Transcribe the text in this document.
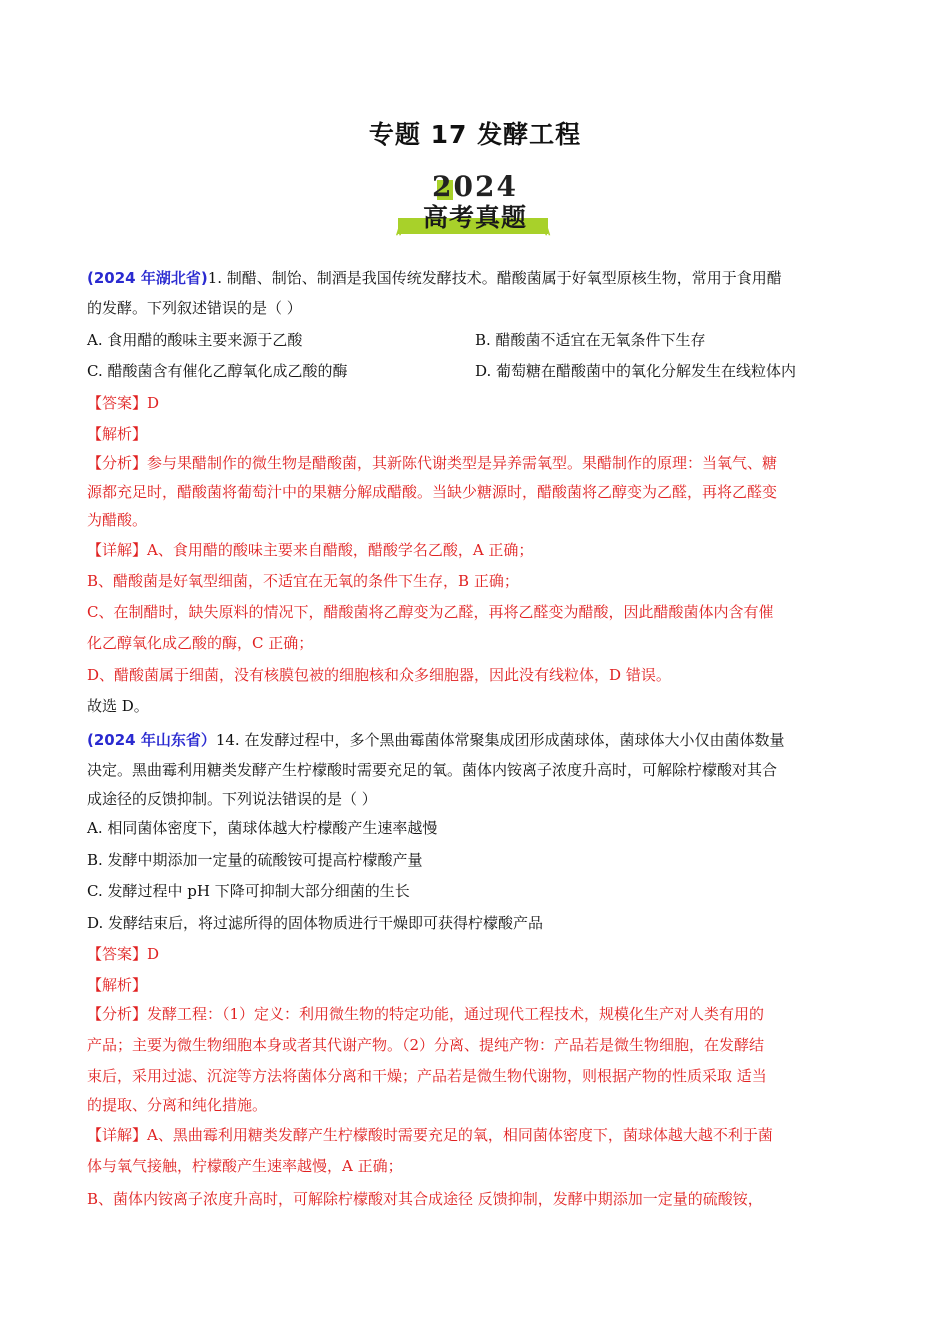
专题 17 发酵工程
2024
// 高考真题	\\
(2024 年湖北省)1. 制醋、制饴、制酒是我国传统发酵技术。醋酸菌属于好氧型原核生物，常用于食用醋
的发酵。下列叙述错误的是（ ）
A. 食用醋的酸味主要来源于乙酸	B. 醋酸菌不适宜在无氧条件下生存
C. 醋酸菌含有催化乙醇氧化成乙酸的酶	D. 葡萄糖在醋酸菌中的氧化分解发生在线粒体内
【答案】D
【解析】
【分析】参与果醋制作的微生物是醋酸菌，其新陈代谢类型是异养需氧型。果醋制作的原理：当氧气、糖
源都充足时，醋酸菌将葡萄汁中的果糖分解成醋酸。当缺少糖源时，醋酸菌将乙醇变为乙醛，再将乙醛变
为醋酸。
【详解】A、食用醋的酸味主要来自醋酸，醋酸学名乙酸，A 正确；
B、醋酸菌是好氧型细菌，不适宜在无氧的条件下生存，B 正确；
C、在制醋时，缺失原料的情况下，醋酸菌将乙醇变为乙醛，再将乙醛变为醋酸，因此醋酸菌体内含有催
化乙醇氧化成乙酸的酶，C 正确；
D、醋酸菌属于细菌，没有核膜包被的细胞核和众多细胞器，因此没有线粒体，D 错误。
故选 D。
(2024 年山东省）14. 在发酵过程中，多个黑曲霉菌体常聚集成团形成菌球体，菌球体大小仅由菌体数量
决定。黑曲霉利用糖类发酵产生柠檬酸时需要充足的氧。菌体内铵离子浓度升高时，可解除柠檬酸对其合
成途径的反馈抑制。下列说法错误的是（ ）
A. 相同菌体密度下，菌球体越大柠檬酸产生速率越慢
B. 发酵中期添加一定量的硫酸铵可提高柠檬酸产量
C. 发酵过程中 pH 下降可抑制大部分细菌的生长
D. 发酵结束后，将过滤所得的固体物质进行干燥即可获得柠檬酸产品
【答案】D
【解析】
【分析】发酵工程：（1）定义：利用微生物的特定功能，通过现代工程技术，规模化生产对人类有用的
产品；主要为微生物细胞本身或者其代谢产物。（2）分离、提纯产物：产品若是微生物细胞，在发酵结
束后，采用过滤、沉淀等方法将菌体分离和干燥；产品若是微生物代谢物，则根据产物的性质采取 适当
的提取、分离和纯化措施。
【详解】A、黑曲霉利用糖类发酵产生柠檬酸时需要充足的氧，相同菌体密度下，菌球体越大越不利于菌
体与氧气接触，柠檬酸产生速率越慢，A 正确；
B、菌体内铵离子浓度升高时，可解除柠檬酸对其合成途径 反馈抑制，发酵中期添加一定量的硫酸铵，
